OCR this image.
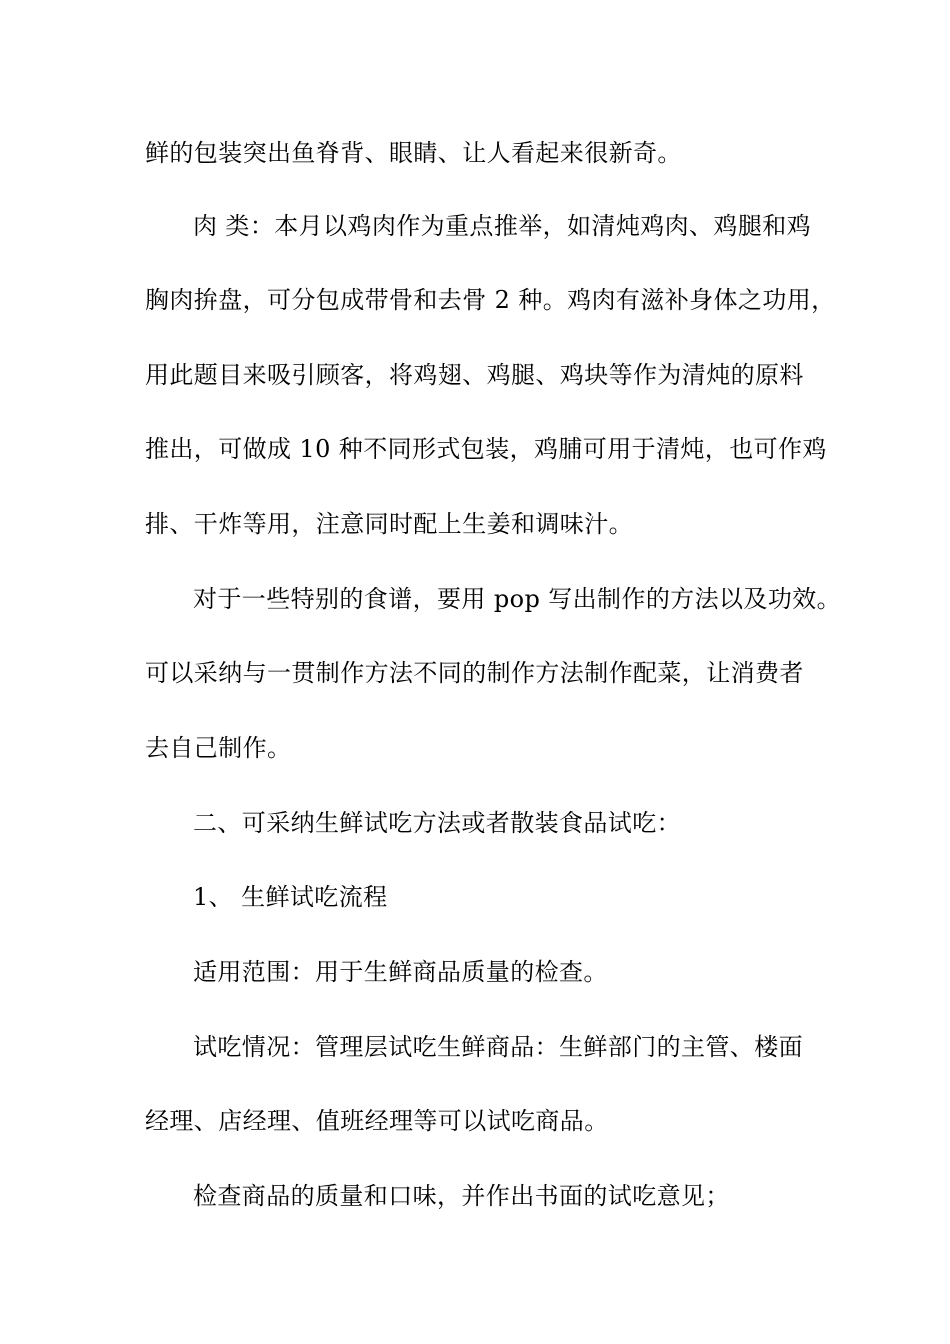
鲜的包装突出鱼脊背、眼睛、让人看起来很新奇。
肉 类：本月以鸡肉作为重点推举，如清炖鸡肉、鸡腿和鸡
胸肉拚盘，可分包成带骨和去骨 2 种。鸡肉有滋补身体之功用，
用此题目来吸引顾客，将鸡翅、鸡腿、鸡块等作为清炖的原料
推出，可做成 10 种不同形式包装，鸡脯可用于清炖，也可作鸡
排、干炸等用，注意同时配上生姜和调味汁。
对于一些特别的食谱，要用 pop 写出制作的方法以及功效。
可以采纳与一贯制作方法不同的制作方法制作配菜，让消费者
去自己制作。
二、可采纳生鲜试吃方法或者散装食品试吃：
1、 生鲜试吃流程
适用范围：用于生鲜商品质量的检查。
试吃情况：管理层试吃生鲜商品：生鲜部门的主管、楼面
经理、店经理、值班经理等可以试吃商品。
检查商品的质量和口味，并作出书面的试吃意见；
